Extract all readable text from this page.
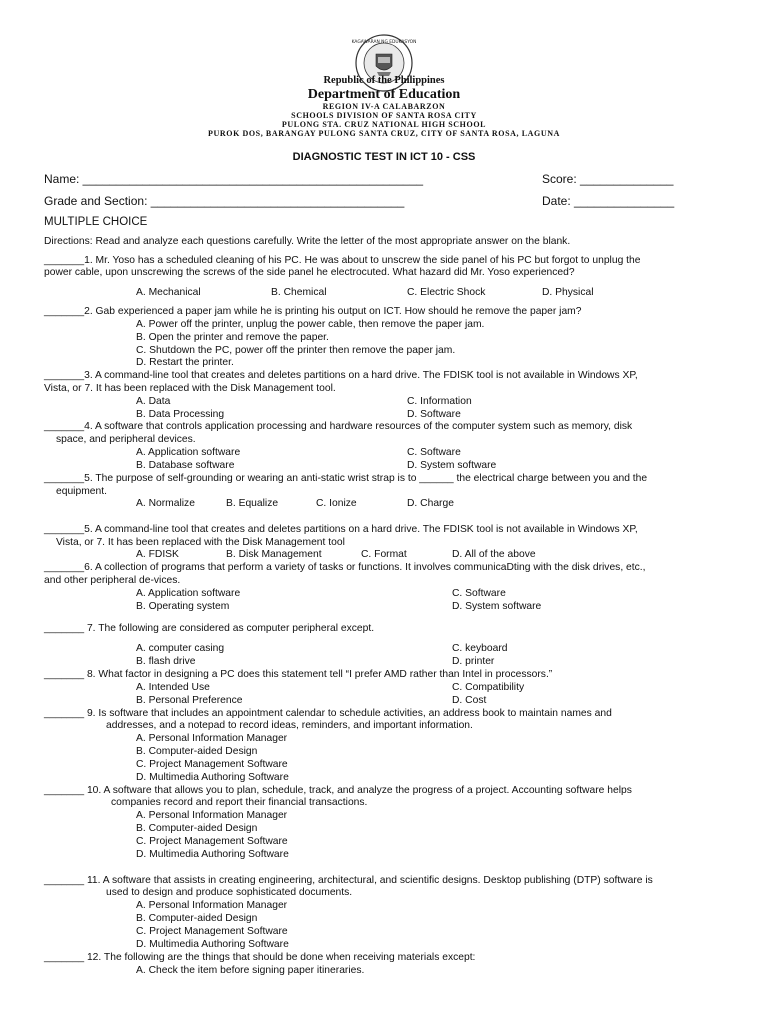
KAGAWARAN NG EDUKASYON
Republic of the Philippines
Department of Education
REGION IV-A CALABARZON
SCHOOLS DIVISION OF SANTA ROSA CITY
PULONG STA. CRUZ NATIONAL HIGH SCHOOL
PUROK DOS, BARANGAY PULONG SANTA CRUZ, CITY OF SANTA ROSA, LAGUNA
DIAGNOSTIC TEST IN ICT 10 - CSS
Name: ___________________________________________________	Score: ______________
Grade and Section: ______________________________________	Date: _______________
MULTIPLE CHOICE
Directions: Read and analyze each questions carefully. Write the letter of the most appropriate answer on the blank.
_______1. Mr. Yoso has a scheduled cleaning of his PC. He was about to unscrew the side panel of his PC but forgot to unplug the
power cable, upon unscrewing the screws of the side panel he electrocuted. What hazard did Mr. Yoso experienced?
A. Mechanical	B. Chemical	C. Electric Shock	D. Physical
_______2. Gab experienced a paper jam while he is printing his output on ICT. How should he remove the paper jam?
A. Power off the printer, unplug the power cable, then remove the paper jam.
B. Open the printer and remove the paper.
C. Shutdown the PC, power off the printer then remove the paper jam.
D. Restart the printer.
_______3. A command-line tool that creates and deletes partitions on a hard drive. The FDISK tool is not available in Windows XP,
Vista, or 7. It has been replaced with the Disk Management tool.
A. Data	C. Information
B. Data Processing	D. Software
_______4. A software that controls application processing and hardware resources of the computer system such as memory, disk
space, and peripheral devices.
A. Application software	C. Software
B. Database software	D. System software
_______5. The purpose of self-grounding or wearing an anti-static wrist strap is to ______ the electrical charge between you and the
equipment.
A. Normalize	B. Equalize	C. Ionize	D. Charge
_______5. A command-line tool that creates and deletes partitions on a hard drive. The FDISK tool is not available in Windows XP,
Vista, or 7. It has been replaced with the Disk Management tool
A. FDISK	B. Disk Management	C. Format	D. All of the above
_______6. A collection of programs that perform a variety of tasks or functions. It involves communicaDting with the disk drives, etc.,
and other peripheral de-vices.
A. Application software	C. Software
B. Operating system	D. System software
_______ 7. The following are considered as computer peripheral except.
A. computer casing	C. keyboard
B. flash drive	D. printer
_______ 8. What factor in designing a PC does this statement tell “I prefer AMD rather than Intel in processors.”
A. Intended Use	C. Compatibility
B. Personal Preference	D. Cost
_______ 9. Is software that includes an appointment calendar to schedule activities, an address book to maintain names and
addresses, and a notepad to record ideas, reminders, and important information.
A. Personal Information Manager
B. Computer-aided Design
C. Project Management Software
D. Multimedia Authoring Software
_______ 10. A software that allows you to plan, schedule, track, and analyze the progress of a project. Accounting software helps
companies record and report their financial transactions.
A. Personal Information Manager
B. Computer-aided Design
C. Project Management Software
D. Multimedia Authoring Software
_______ 11. A software that assists in creating engineering, architectural, and scientific designs. Desktop publishing (DTP) software is
used to design and produce sophisticated documents.
A. Personal Information Manager
B. Computer-aided Design
C. Project Management Software
D. Multimedia Authoring Software
_______ 12. The following are the things that should be done when receiving materials except:
A. Check the item before signing paper itineraries.
